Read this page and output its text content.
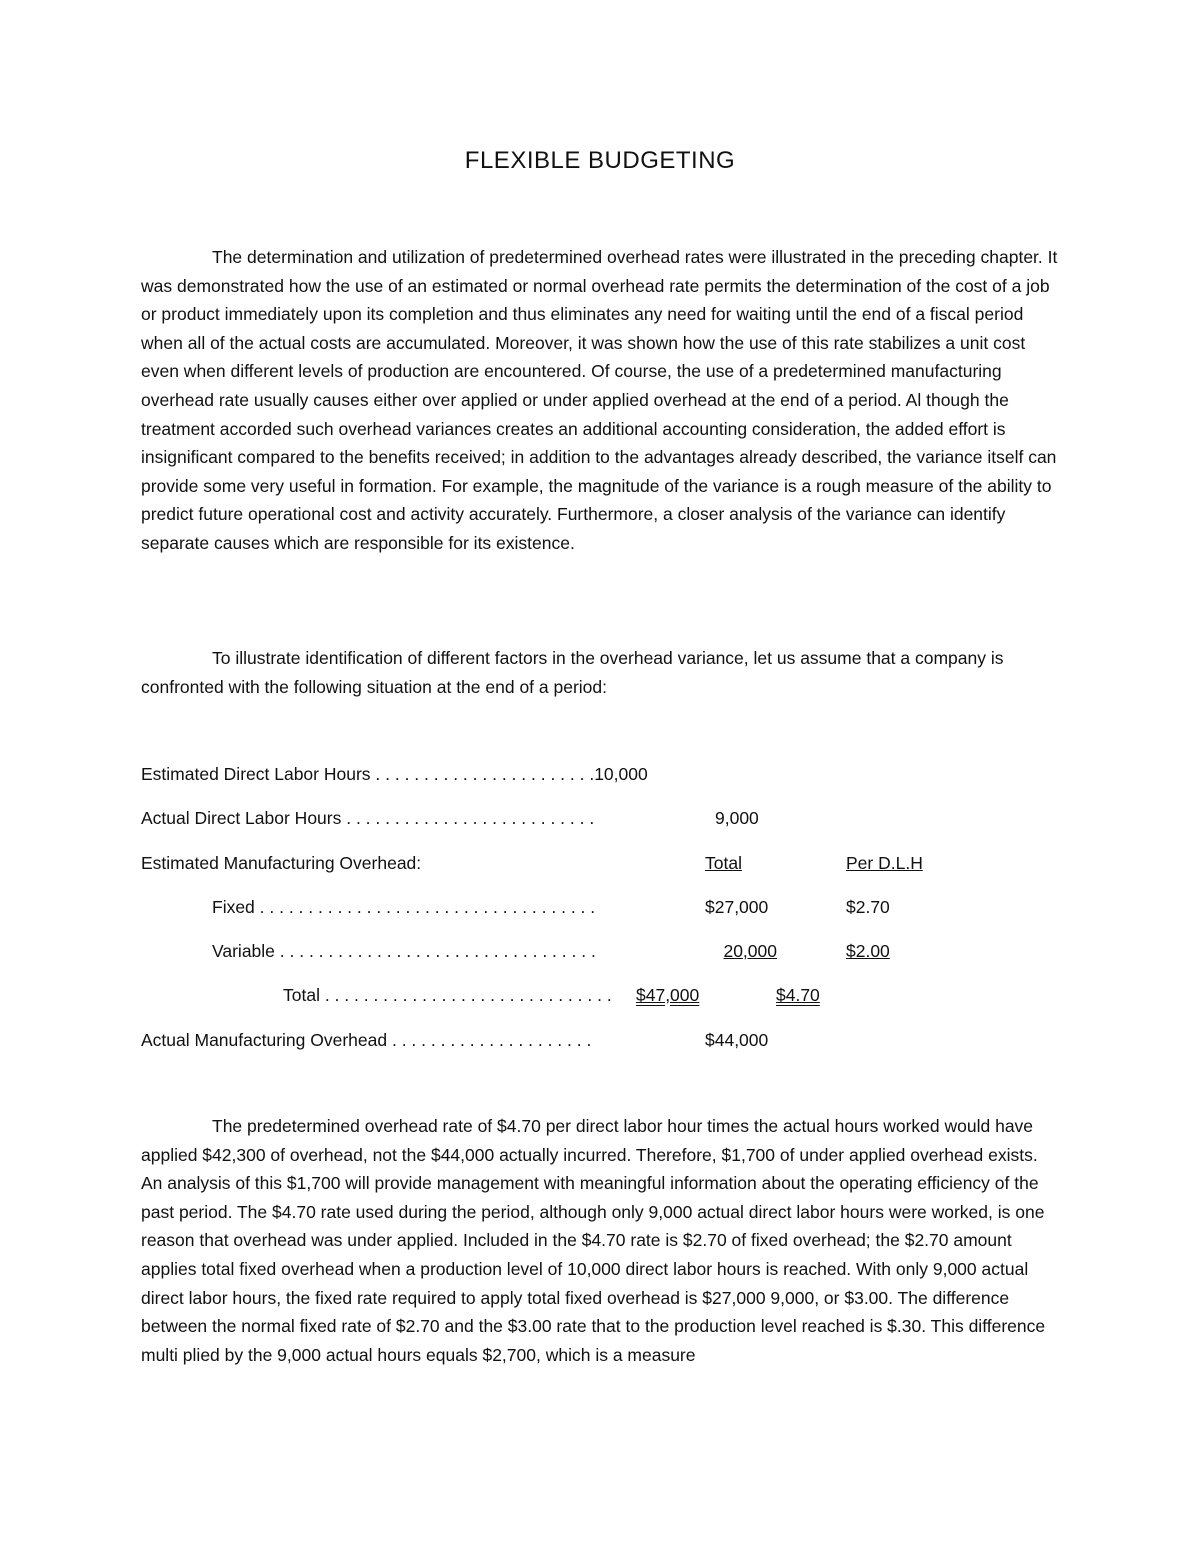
FLEXIBLE BUDGETING
The determination and utilization of predetermined overhead rates were illustrated in the preceding chapter. It was demonstrated how the use of an estimated or normal overhead rate permits the determination of the cost of a job or product immediately upon its completion and thus eliminates any need for waiting until the end of a fiscal period when all of the actual costs are accumulated. Moreover, it was shown how the use of this rate stabilizes a unit cost even when different levels of production are encountered. Of course, the use of a predetermined manufacturing overhead rate usually causes either over applied or under applied overhead at the end of a period. Al though the treatment accorded such overhead variances creates an additional accounting consideration, the added effort is insignificant compared to the benefits received; in addition to the advantages already described, the variance itself can provide some very useful in formation. For example, the magnitude of the variance is a rough measure of the ability to predict future operational cost and activity accurately. Furthermore, a closer analysis of the variance can identify separate causes which are responsible for its existence.
To illustrate identification of different factors in the overhead variance, let us assume that a company is confronted with the following situation at the end of a period:
Estimated Direct Labor Hours . . . . . . . . . . . . . . . . . . . . . . .10,000
Actual Direct Labor Hours . . . . . . . . . . . . . . . . . . . . . . . . . .	9,000
Estimated Manufacturing Overhead:	Total	Per D.L.H
Fixed . . . . . . . . . . . . . . . . . . . . . . . . . . . . . . . . . . .	$27,000	$2.70
Variable . . . . . . . . . . . . . . . . . . . . . . . . . . . . . . . . .	20,000	$2.00
Total . . . . . . . . . . . . . . . . . . . . . . . . . . . . . . $47,000	$4.70
Actual Manufacturing Overhead . . . . . . . . . . . . . . . . . . . . .	$44,000
The predetermined overhead rate of $4.70 per direct labor hour times the actual hours worked would have applied $42,300 of overhead, not the $44,000 actually incurred. Therefore, $1,700 of under applied overhead exists. An analysis of this $1,700 will provide management with meaningful information about the operating efficiency of the past period. The $4.70 rate used during the period, although only 9,000 actual direct labor hours were worked, is one reason that overhead was under applied. Included in the $4.70 rate is $2.70 of fixed overhead; the $2.70 amount applies total fixed overhead when a production level of 10,000 direct labor hours is reached. With only 9,000 actual direct labor hours, the fixed rate required to apply total fixed overhead is $27,000 9,000, or $3.00. The difference between the normal fixed rate of $2.70 and the $3.00 rate that to the production level reached is $.30. This difference multi plied by the 9,000 actual hours equals $2,700, which is a measure
